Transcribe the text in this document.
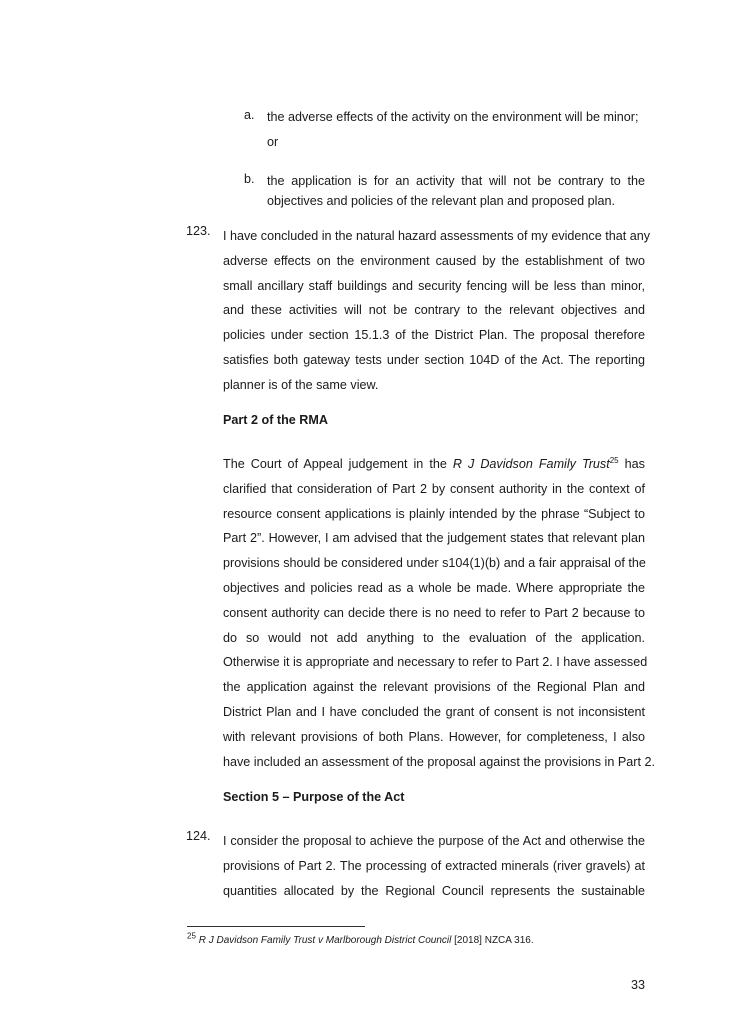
a. the adverse effects of the activity on the environment will be minor;
or
b. the application is for an activity that will not be contrary to the
objectives and policies of the relevant plan and proposed plan.
123. I have concluded in the natural hazard assessments of my evidence that any
adverse effects on the environment caused by the establishment of two
small ancillary staff buildings and security fencing will be less than minor,
and these activities will not be contrary to the relevant objectives and
policies under section 15.1.3 of the District Plan. The proposal therefore
satisfies both gateway tests under section 104D of the Act. The reporting
planner is of the same view.
Part 2 of the RMA
The Court of Appeal judgement in the R J Davidson Family Trust$^{25}$ has
clarified that consideration of Part 2 by consent authority in the context of
resource consent applications is plainly intended by the phrase “Subject to
Part 2”. However, I am advised that the judgement states that relevant plan
provisions should be considered under s104(1)(b) and a fair appraisal of the
objectives and policies read as a whole be made. Where appropriate the
consent authority can decide there is no need to refer to Part 2 because to
do so would not add anything to the evaluation of the application.
Otherwise it is appropriate and necessary to refer to Part 2. I have assessed
the application against the relevant provisions of the Regional Plan and
District Plan and I have concluded the grant of consent is not inconsistent
with relevant provisions of both Plans. However, for completeness, I also
have included an assessment of the proposal against the provisions in Part 2.
Section 5 – Purpose of the Act
124. I consider the proposal to achieve the purpose of the Act and otherwise the
provisions of Part 2. The processing of extracted minerals (river gravels) at
quantities allocated by the Regional Council represents the sustainable
$^{25}$ R J Davidson Family Trust v Marlborough District Council [2018] NZCA 316.
33
